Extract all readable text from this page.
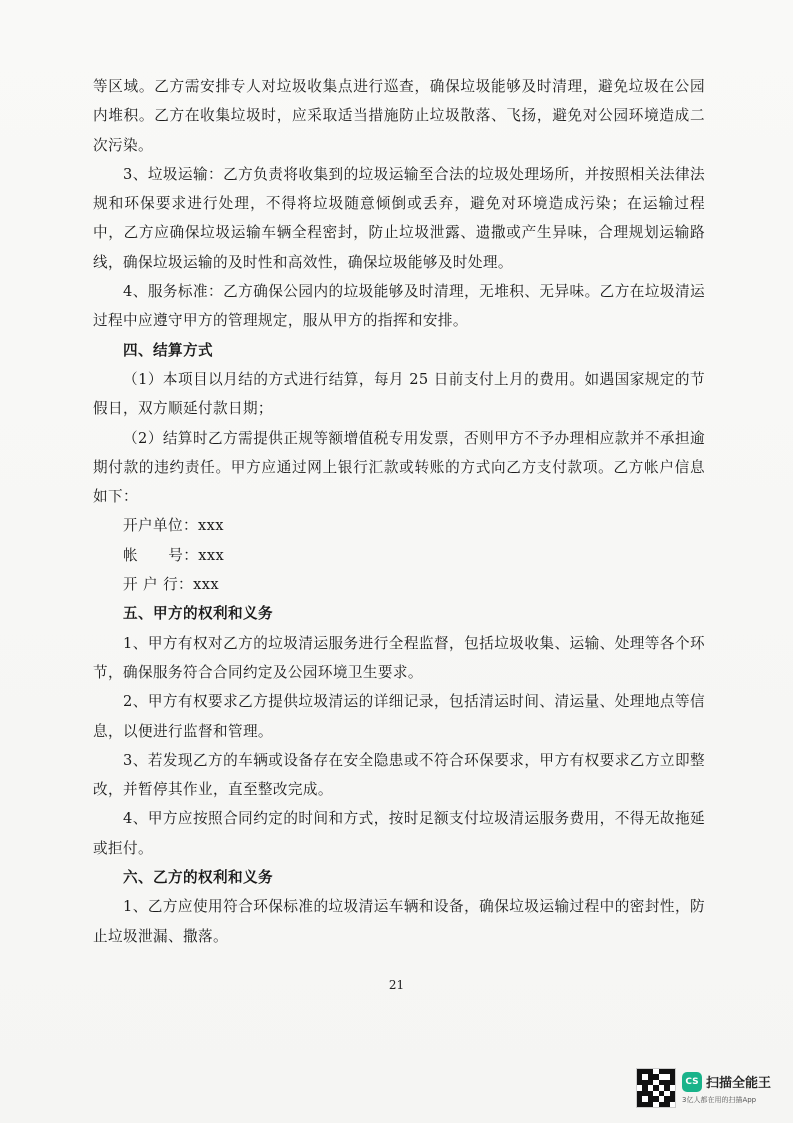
等区域。乙方需安排专人对垃圾收集点进行巡查，确保垃圾能够及时清理，避免垃圾在公园内堆积。乙方在收集垃圾时，应采取适当措施防止垃圾散落、飞扬，避免对公园环境造成二次污染。

3、垃圾运输：乙方负责将收集到的垃圾运输至合法的垃圾处理场所，并按照相关法律法规和环保要求进行处理，不得将垃圾随意倾倒或丢弃，避免对环境造成污染；在运输过程中，乙方应确保垃圾运输车辆全程密封，防止垃圾泄露、遗撒或产生异味，合理规划运输路线，确保垃圾运输的及时性和高效性，确保垃圾能够及时处理。

4、服务标准：乙方确保公园内的垃圾能够及时清理，无堆积、无异味。乙方在垃圾清运过程中应遵守甲方的管理规定，服从甲方的指挥和安排。

四、结算方式

（1）本项目以月结的方式进行结算，每月 25 日前支付上月的费用。如遇国家规定的节假日，双方顺延付款日期；

（2）结算时乙方需提供正规等额增值税专用发票，否则甲方不予办理相应款并不承担逾期付款的违约责任。甲方应通过网上银行汇款或转账的方式向乙方支付款项。乙方帐户信息如下：

开户单位： xxx
帐      号： xxx
开 户 行： xxx

五、甲方的权利和义务

1、甲方有权对乙方的垃圾清运服务进行全程监督，包括垃圾收集、运输、处理等各个环节，确保服务符合合同约定及公园环境卫生要求。

2、甲方有权要求乙方提供垃圾清运的详细记录，包括清运时间、清运量、处理地点等信息，以便进行监督和管理。

3、若发现乙方的车辆或设备存在安全隐患或不符合环保要求，甲方有权要求乙方立即整改，并暂停其作业，直至整改完成。

4、甲方应按照合同约定的时间和方式，按时足额支付垃圾清运服务费用，不得无故拖延或拒付。

六、乙方的权利和义务

1、乙方应使用符合环保标准的垃圾清运车辆和设备，确保垃圾运输过程中的密封性，防止垃圾泄漏、撒落。

21
CS 扫描全能王
3亿人都在用的扫描App
